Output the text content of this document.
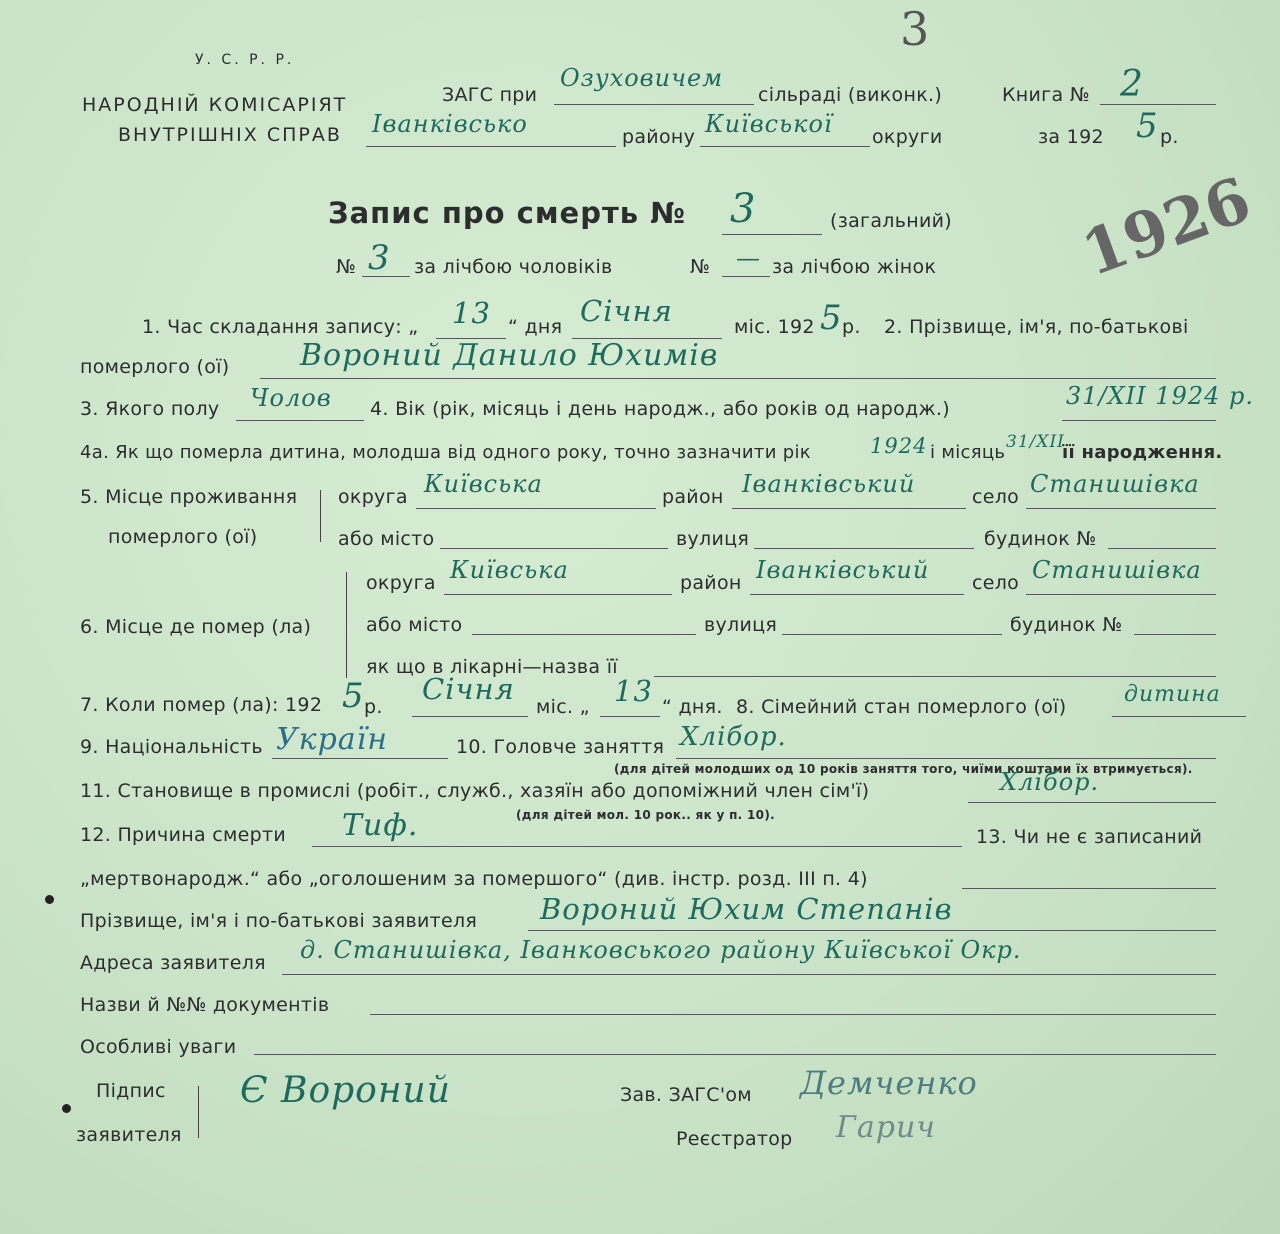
3
1926
У. С. Р. Р.
НАРОДНІЙ КОМІСАРІЯТ
ВНУТРІШНІХ СПРАВ
ЗАГС при
Озуховичем
сільраді (виконк.)	Книга № 2
Іванківсько	району Київської округи	за 192 5 р.
Запис про смерть № 3	(загальний)
№ 3 за лічбою чоловіків	№ — за лічбою жінок
1. Час складання запису: „ 13 “ дня Січня	міс. 192 5 р. 2. Прізвище, ім'я, по-батькові
померлого (ої) Вороний Данило Юхимів
3. Якого полу Чолов 4. Вік (рік, місяць і день народж., або років од народж.)	31/XII 1924 р.
4а. Як що померла дитина, молодша від одного року, точно зазначити рік	1924 і місяць 31/XII
її народження.
5. Місце проживання
померлого (ої)
округа Київська	район Іванківський	село Станишівка
або місто	вулиця	будинок №
6. Місце де помер (ла)
округа Київська	район Іванківський село Станишівка
або місто	вулиця	будинок №
як що в лікарні—назва її
7. Коли помер (ла): 192 5 р.
Січня
міс. „ 13 “ дня. 8. Сімейний стан померлого (ої)	дитина
9. Національність Україн	10. Головче заняття Хлібор.
(для дітей молодших од 10 років заняття того, чиїми коштами їх втримується).
11. Становище в промислі (робіт., служб., хазяїн або допоміжний член сім'ї)	Хлібор.
(для дітей мол. 10 рок.. як у п. 10).
12. Причина смерти Тиф.	13. Чи не є записаний
„мертвонародж.“ або „оголошеним за помершого“ (див. інстр. розд. III п. 4)
Прізвище, ім'я і по-батькові заявителя Вороний Юхим Степанів
Адреса заявителя д. Станишівка, Іванковського району Київської Окр.
Назви й №№ документів
Особливі уваги
Підпис
заявителя
Є Вороний	Зав. ЗАГС'ом Демченко
Реєстратор Гарич
